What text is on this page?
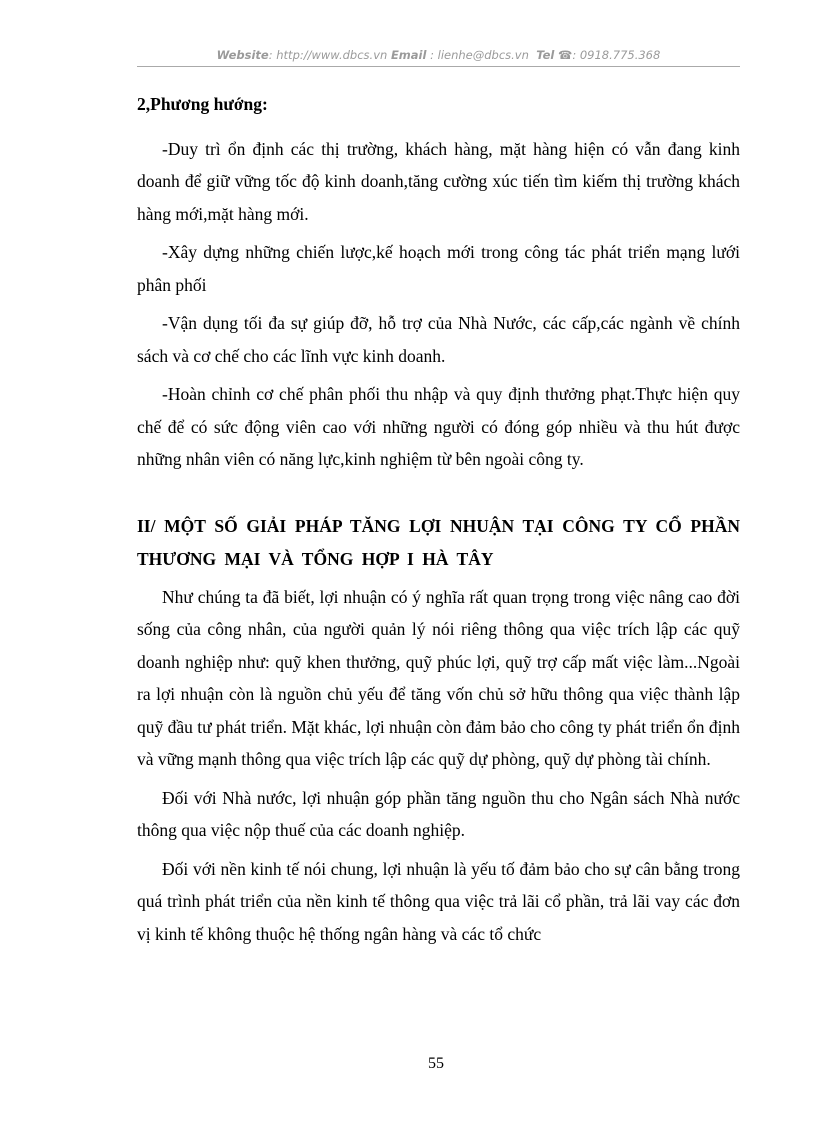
Website: http://www.dbcs.vn Email : lienhe@dbcs.vn Tel ☎: 0918.775.368
2,Phương hướng:

-Duy trì ổn định các thị trường, khách hàng, mặt hàng hiện có vẫn đang kinh doanh để giữ vững tốc độ kinh doanh,tăng cường xúc tiến tìm kiếm thị trường khách hàng mới,mặt hàng mới.

-Xây dựng những chiến lược,kế hoạch mới trong công tác phát triển mạng lưới phân phối

-Vận dụng tối đa sự giúp đỡ, hỗ trợ của Nhà Nước, các cấp,các ngành về chính sách và cơ chế cho các lĩnh vực kinh doanh.

-Hoàn chỉnh cơ chế phân phối thu nhập và quy định thưởng phạt.Thực hiện quy chế để có sức động viên cao với những người có đóng góp nhiều và thu hút được những nhân viên có năng lực,kinh nghiệm từ bên ngoài công ty.

II/ MỘT SỐ GIẢI PHÁP TĂNG LỢI NHUẬN TẠI CÔNG TY CỔ PHẦN THƯƠNG MẠI VÀ TỔNG HỢP I HÀ TÂY

Như chúng ta đã biết, lợi nhuận có ý nghĩa rất quan trọng trong việc nâng cao đời sống của công nhân, của người quản lý nói riêng thông qua việc trích lập các quỹ doanh nghiệp như: quỹ khen thưởng, quỹ phúc lợi, quỹ trợ cấp mất việc làm...Ngoài ra lợi nhuận còn là nguồn chủ yếu để tăng vốn chủ sở hữu thông qua việc thành lập quỹ đầu tư phát triển. Mặt khác, lợi nhuận còn đảm bảo cho công ty phát triển ổn định và vững mạnh thông qua việc trích lập các quỹ dự phòng, quỹ dự phòng tài chính.

Đối với Nhà nước, lợi nhuận góp phần tăng nguồn thu cho Ngân sách Nhà nước thông qua việc nộp thuế của các doanh nghiệp.

Đối với nền kinh tế nói chung, lợi nhuận là yếu tố đảm bảo cho sự cân bằng trong quá trình phát triển của nền kinh tế thông qua việc trả lãi cổ phần, trả lãi vay các đơn vị kinh tế không thuộc hệ thống ngân hàng và các tổ chức

55
